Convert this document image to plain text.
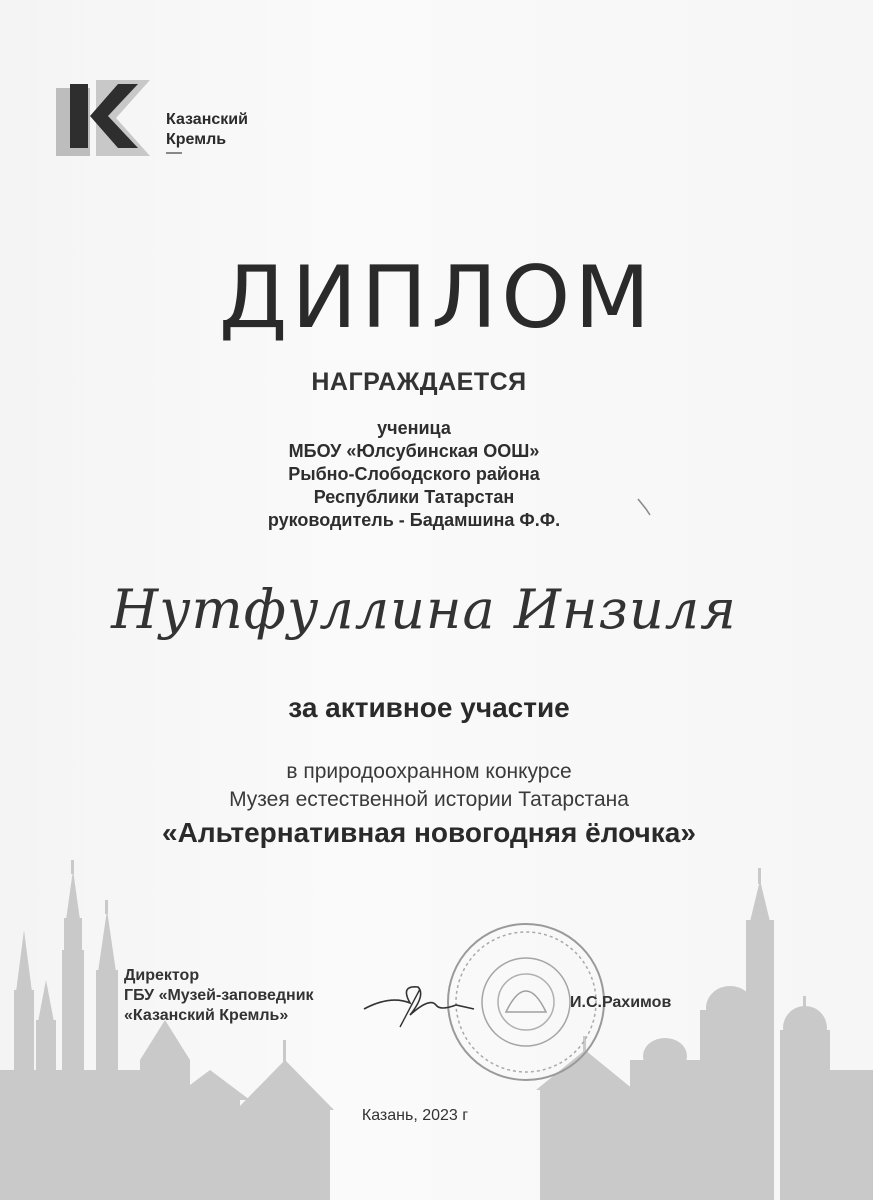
Казанский
Кремль
ДИПЛОМ
НАГРАЖДАЕТСЯ
ученица
МБОУ «Юлсубинская ООШ»
Рыбно-Слободского района
Республики Татарстан
руководитель - Бадамшина Ф.Ф.
Нутфуллина Инзиля
за активное участие
в природоохранном конкурсе
Музея естественной истории Татарстана
«Альтернативная новогодняя ёлочка»
Директор
ГБУ «Музей-заповедник
«Казанский Кремль»
И.С.Рахимов
Казань, 2023 г
